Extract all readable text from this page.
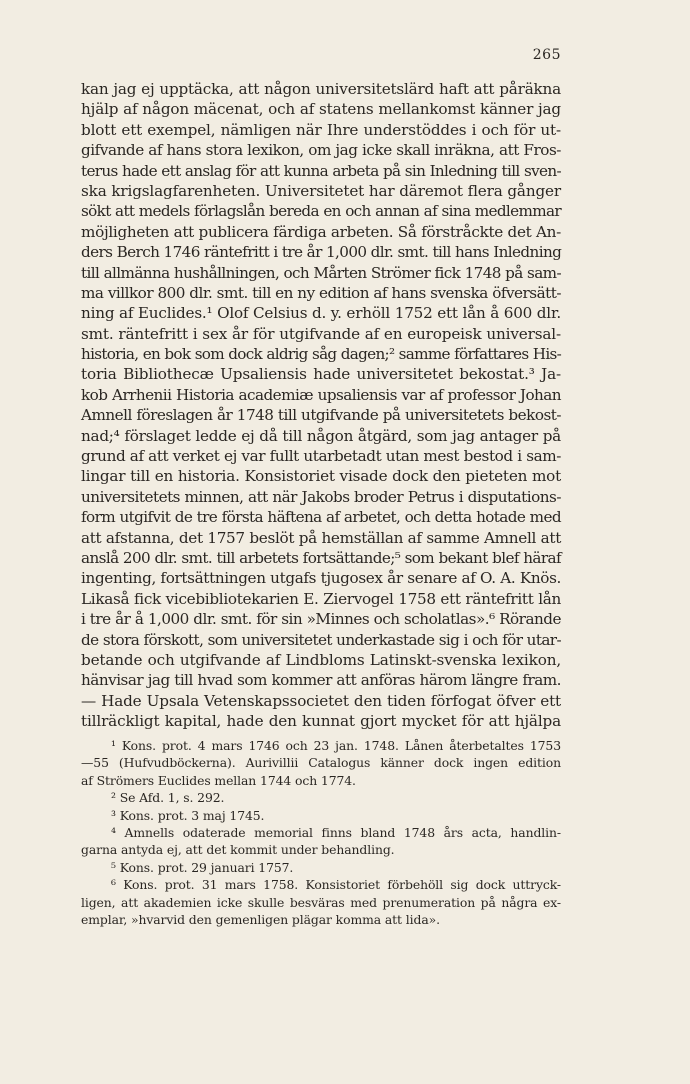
265
kan jag ej upptäcka, att någon universitetslärd haft att påräkna
hjälp af någon mäcenat, och af statens mellankomst känner jag
blott ett exempel, nämligen när Ihre understöddes i och för ut-
gifvande af hans stora lexikon, om jag icke skall inräkna, att Fros-
terus hade ett anslag för att kunna arbeta på sin Inledning till sven-
ska krigslagfarenheten. Universitetet har däremot flera gånger
sökt att medels förlagslån bereda en och annan af sina medlemmar
möjligheten att publicera färdiga arbeten. Så förstråckte det An-
ders Berch 1746 räntefritt i tre år 1,000 dlr. smt. till hans Inledning
till allmänna hushållningen, och Mårten Strömer fick 1748 på sam-
ma villkor 800 dlr. smt. till en ny edition af hans svenska öfversätt-
ning af Euclides.¹ Olof Celsius d. y. erhöll 1752 ett lån å 600 dlr.
smt. räntefritt i sex år för utgifvande af en europeisk universal-
historia, en bok som dock aldrig såg dagen;² samme författares His-
toria Bibliothecæ Upsaliensis hade universitetet bekostat.³ Ja-
kob Arrhenii Historia academiæ upsaliensis var af professor Johan
Amnell föreslagen år 1748 till utgifvande på universitetets bekost-
nad;⁴ förslaget ledde ej då till någon åtgärd, som jag antager på
grund af att verket ej var fullt utarbetadt utan mest bestod i sam-
lingar till en historia. Konsistoriet visade dock den pieteten mot
universitetets minnen, att när Jakobs broder Petrus i disputations-
form utgifvit de tre första häftena af arbetet, och detta hotade med
att afstanna, det 1757 beslöt på hemställan af samme Amnell att
anslå 200 dlr. smt. till arbetets fortsättande;⁵ som bekant blef häraf
ingenting, fortsättningen utgafs tjugosex år senare af O. A. Knös.
Likaså fick vicebibliotekarien E. Ziervogel 1758 ett räntefritt lån
i tre år å 1,000 dlr. smt. för sin »Minnes och scholatlas».⁶ Rörande
de stora förskott, som universitetet underkastade sig i och för utar-
betande och utgifvande af Lindbloms Latinskt-svenska lexikon,
hänvisar jag till hvad som kommer att anföras härom längre fram.
— Hade Upsala Vetenskapssocietet den tiden förfogat öfver ett
tillräckligt kapital, hade den kunnat gjort mycket för att hjälpa
¹ Kons. prot. 4 mars 1746 och 23 jan. 1748. Lånen återbetaltes 1753
—55 (Hufvudböckerna). Aurivillii Catalogus känner dock ingen edition
af Strömers Euclides mellan 1744 och 1774.
² Se Afd. 1, s. 292.
³ Kons. prot. 3 maj 1745.
⁴ Amnells odaterade memorial finns bland 1748 års acta, handlin-
garna antyda ej, att det kommit under behandling.
⁵ Kons. prot. 29 januari 1757.
⁶ Kons. prot. 31 mars 1758. Konsistoriet förbehöll sig dock uttryck-
ligen, att akademien icke skulle besväras med prenumeration på några ex-
emplar, »hvarvid den gemenligen plägar komma att lida».
